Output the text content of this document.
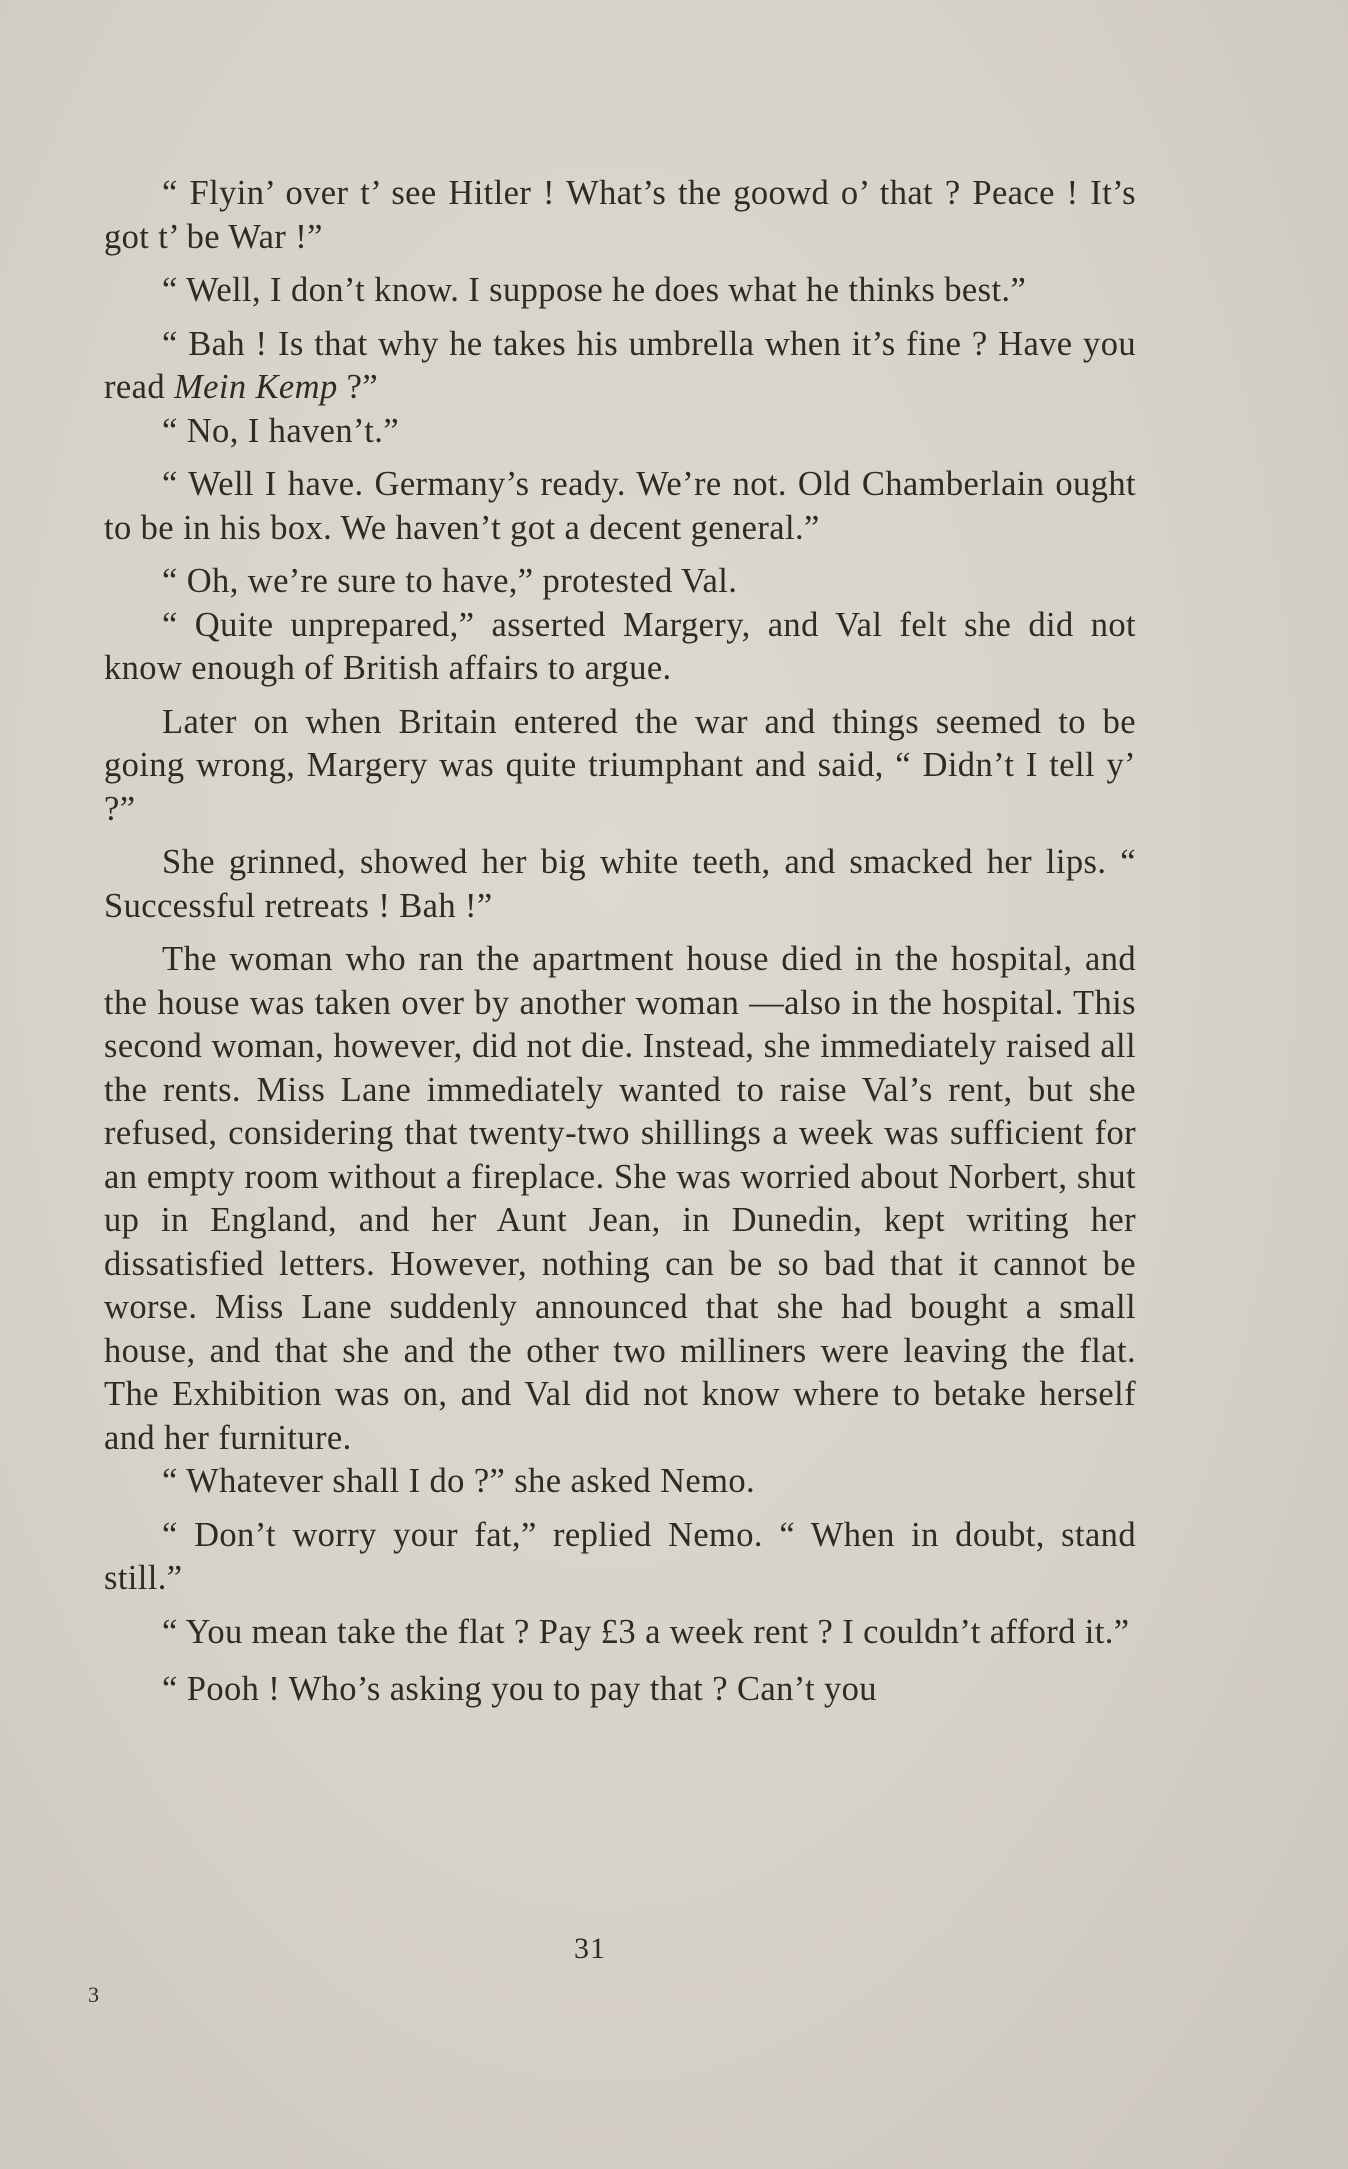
“ Flyin’ over t’ see Hitler ! What’s the goowd o’ that ? Peace ! It’s got t’ be War !”

“ Well, I don’t know. I suppose he does what he thinks best.”

“ Bah ! Is that why he takes his umbrella when it’s fine ? Have you read Mein Kemp ?”

“ No, I haven’t.”

“ Well I have. Germany’s ready. We’re not. Old Chamberlain ought to be in his box. We haven’t got a decent general.”

“ Oh, we’re sure to have,” protested Val.

“ Quite unprepared,” asserted Margery, and Val felt she did not know enough of British affairs to argue.

Later on when Britain entered the war and things seemed to be going wrong, Margery was quite triumphant and said, “ Didn’t I tell y’ ?”

She grinned, showed her big white teeth, and smacked her lips. “ Successful retreats ! Bah !”

The woman who ran the apartment house died in the hospital, and the house was taken over by another woman —also in the hospital. This second woman, however, did not die. Instead, she immediately raised all the rents. Miss Lane immediately wanted to raise Val’s rent, but she refused, considering that twenty-two shillings a week was sufficient for an empty room without a fireplace. She was worried about Norbert, shut up in England, and her Aunt Jean, in Dunedin, kept writing her dissatisfied letters. However, nothing can be so bad that it cannot be worse. Miss Lane suddenly announced that she had bought a small house, and that she and the other two milliners were leaving the flat. The Exhibition was on, and Val did not know where to betake herself and her furniture.

“ Whatever shall I do ?” she asked Nemo.

“ Don’t worry your fat,” replied Nemo. “ When in doubt, stand still.”

“ You mean take the flat ? Pay £3 a week rent ? I couldn’t afford it.”

“ Pooh ! Who’s asking you to pay that ? Can’t you

31
3
